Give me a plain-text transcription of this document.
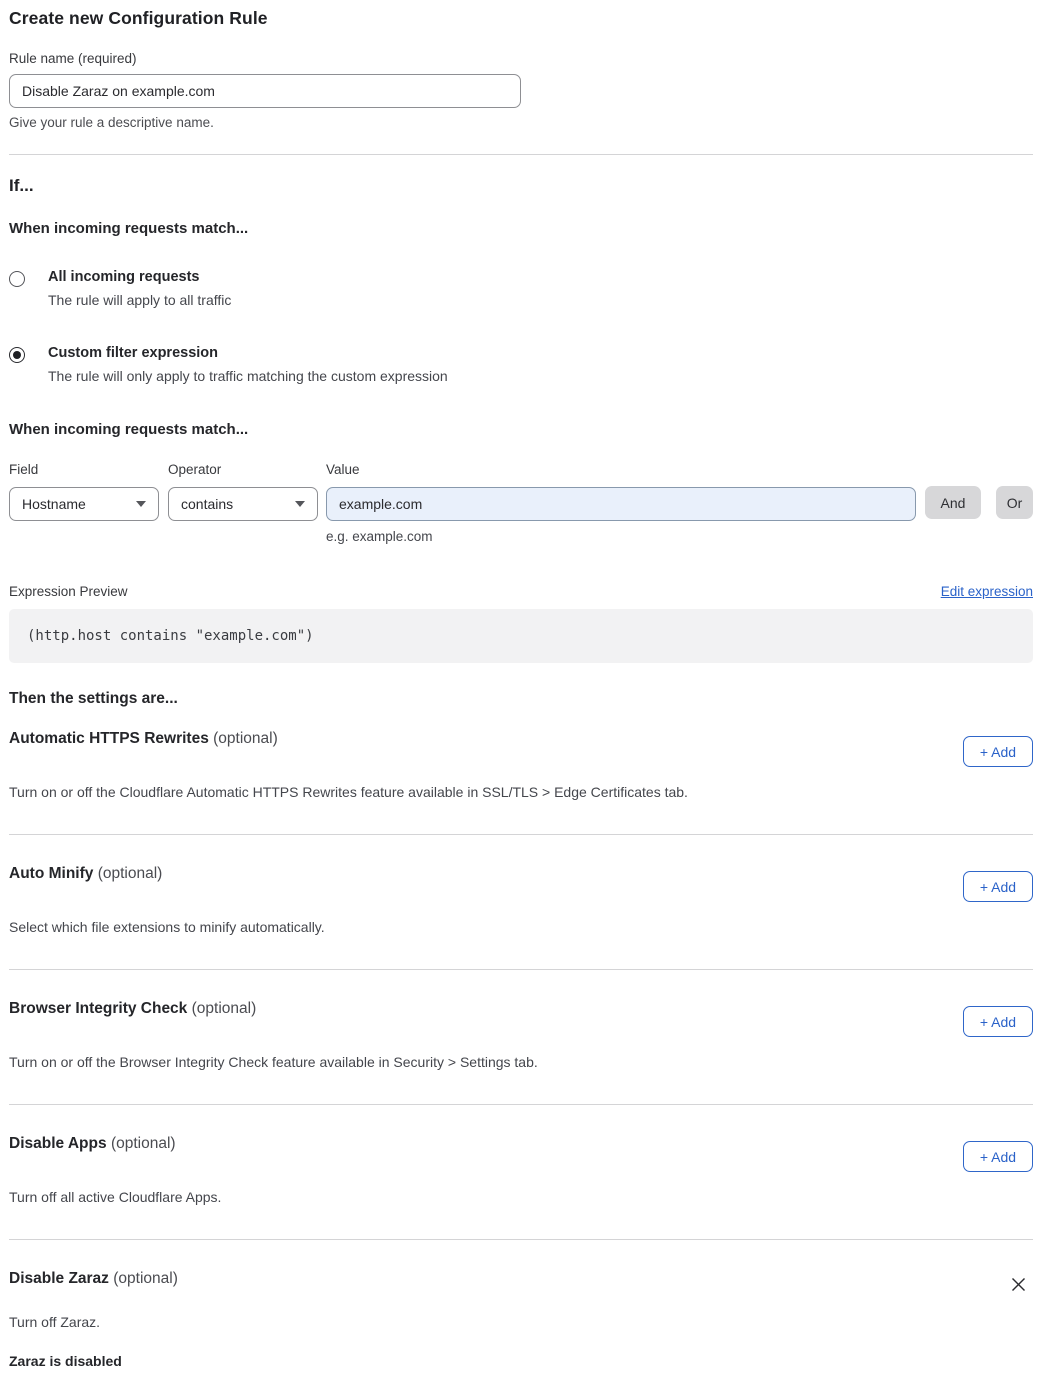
Create new Configuration Rule
Rule name (required)
Disable Zaraz on example.com
Give your rule a descriptive name.
If...
When incoming requests match...
All incoming requests
The rule will apply to all traffic
Custom filter expression
The rule will only apply to traffic matching the custom expression
When incoming requests match...
Field
Hostname
Operator
contains
Value
example.com
e.g. example.com
And	Or
Expression Preview	Edit expression
(http.host contains "example.com")
Then the settings are...
Automatic HTTPS Rewrites (optional)
+ Add
Turn on or off the Cloudflare Automatic HTTPS Rewrites feature available in SSL/TLS > Edge Certificates tab.
Auto Minify (optional)
+ Add
Select which file extensions to minify automatically.
Browser Integrity Check (optional)
+ Add
Turn on or off the Browser Integrity Check feature available in Security > Settings tab.
Disable Apps (optional)
+ Add
Turn off all active Cloudflare Apps.
Disable Zaraz (optional)
Turn off Zaraz.
Zaraz is disabled
